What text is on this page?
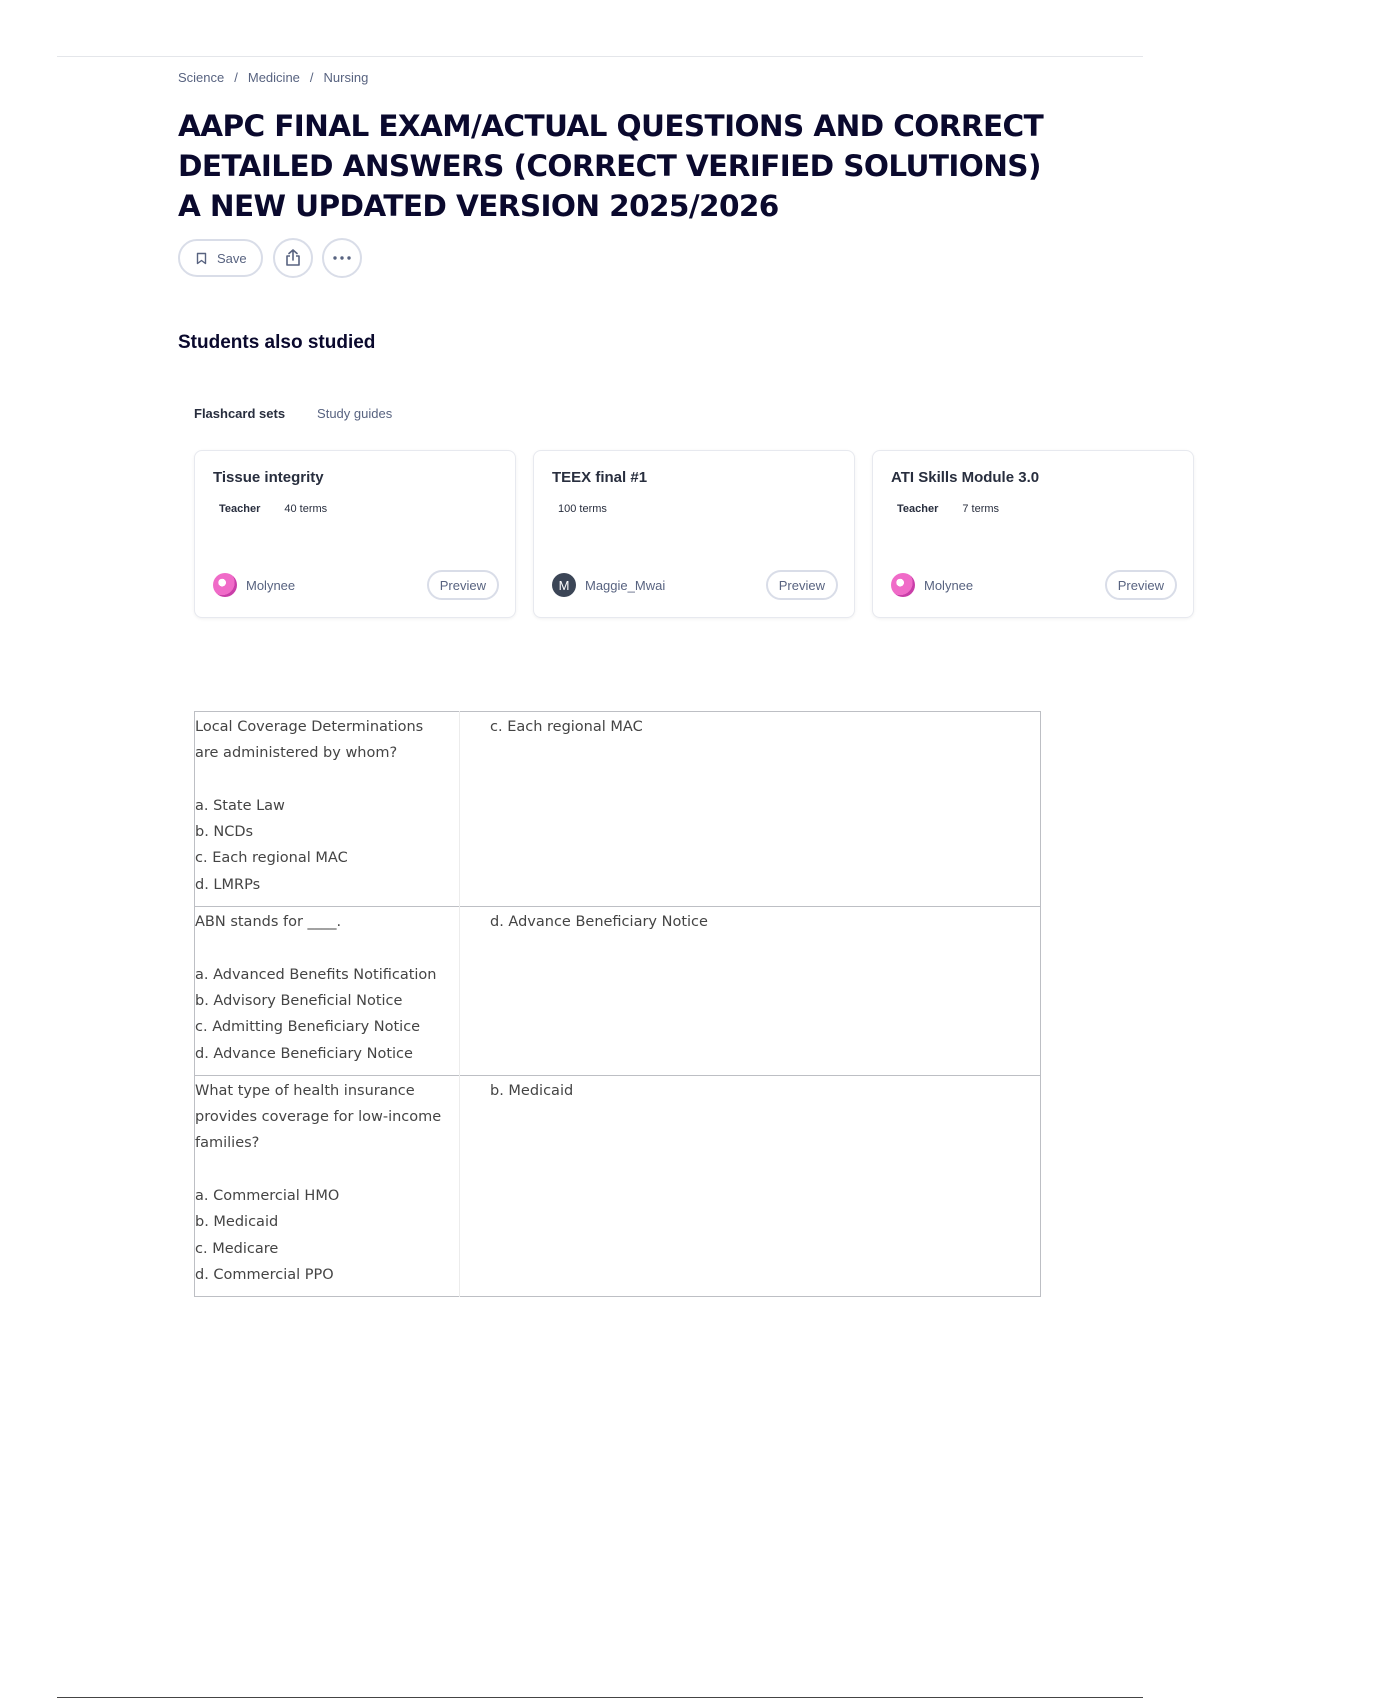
Science / Medicine / Nursing
AAPC FINAL EXAM/ACTUAL QUESTIONS AND CORRECT DETAILED ANSWERS (CORRECT VERIFIED SOLUTIONS) A NEW UPDATED VERSION 2025/2026
Save
Students also studied
Flashcard sets Study guides
Tissue integrity
Teacher 40 terms
Molynee	Preview
TEEX final #1
100 terms
M	Maggie_Mwai	Preview
ATI Skills Module 3.0
Teacher 7 terms
Molynee	Preview
Local Coverage Determinations are administered by whom?

a. State Law
b. NCDs
c. Each regional MAC
d. LMRPs	c. Each regional MAC
ABN stands for ____.

a. Advanced Benefits Notification
b. Advisory Beneficial Notice
c. Admitting Beneficiary Notice
d. Advance Beneficiary Notice	d. Advance Beneficiary Notice
What type of health insurance provides coverage for low-income families?

a. Commercial HMO
b. Medicaid
c. Medicare
d. Commercial PPO	b. Medicaid
